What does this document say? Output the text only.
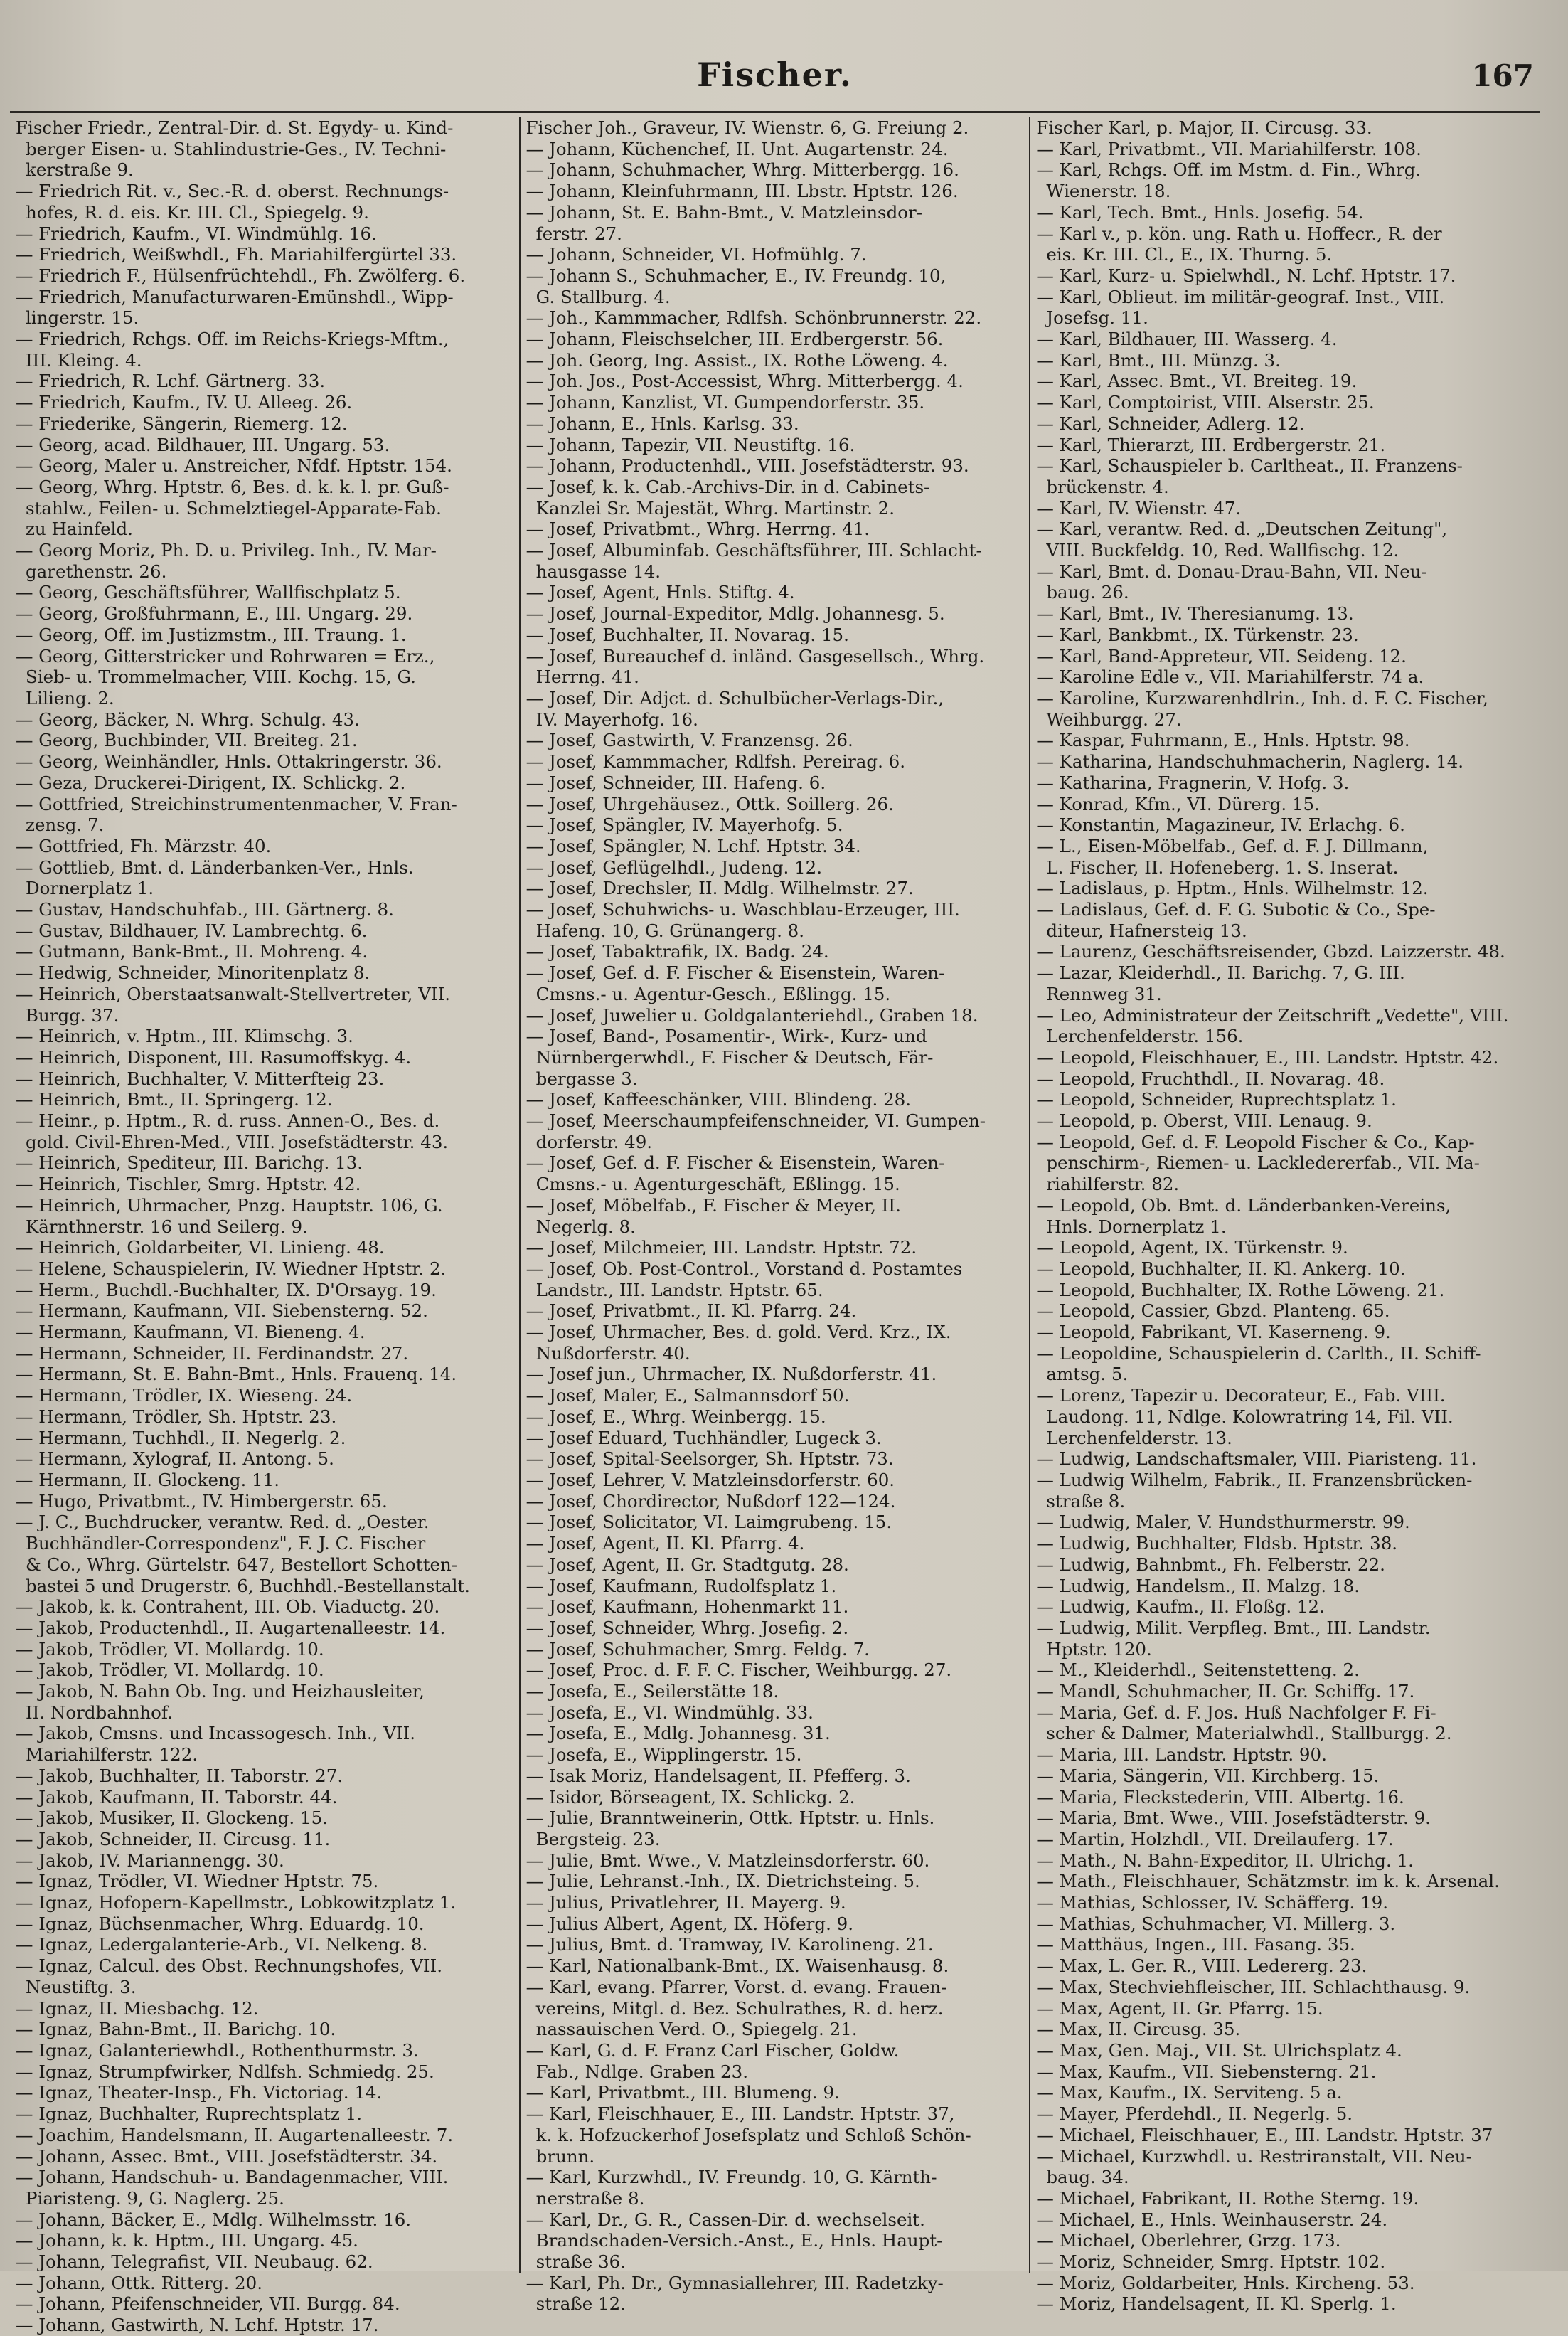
Fischer.	167
Fischer Friedr., Zentral-Dir. d. St. Egydy- u. Kind-
berger Eisen- u. Stahlindustrie-Ges., IV. Techni-
kerstraße 9.
— Friedrich Rit. v., Sec.-R. d. oberst. Rechnungs-
hofes, R. d. eis. Kr. III. Cl., Spiegelg. 9.
— Friedrich, Kaufm., VI. Windmühlg. 16.
— Friedrich, Weißwhdl., Fh. Mariahilfergürtel 33.
— Friedrich F., Hülsenfrüchtehdl., Fh. Zwölferg. 6.
— Friedrich, Manufacturwaren-Emünshdl., Wipp-
lingerstr. 15.
— Friedrich, Rchgs. Off. im Reichs-Kriegs-Mftm.,
III. Kleing. 4.
— Friedrich, R. Lchf. Gärtnerg. 33.
— Friedrich, Kaufm., IV. U. Alleeg. 26.
— Friederike, Sängerin, Riemerg. 12.
— Georg, acad. Bildhauer, III. Ungarg. 53.
— Georg, Maler u. Anstreicher, Nfdf. Hptstr. 154.
— Georg, Whrg. Hptstr. 6, Bes. d. k. k. l. pr. Guß-
stahlw., Feilen- u. Schmelztiegel-Apparate-Fab.
zu Hainfeld.
— Georg Moriz, Ph. D. u. Privileg. Inh., IV. Mar-
garethenstr. 26.
— Georg, Geschäftsführer, Wallfischplatz 5.
— Georg, Großfuhrmann, E., III. Ungarg. 29.
— Georg, Off. im Justizmstm., III. Traung. 1.
— Georg, Gitterstricker und Rohrwaren = Erz.,
Sieb- u. Trommelmacher, VIII. Kochg. 15, G.
Lilieng. 2.
— Georg, Bäcker, N. Whrg. Schulg. 43.
— Georg, Buchbinder, VII. Breiteg. 21.
— Georg, Weinhändler, Hnls. Ottakringerstr. 36.
— Geza, Druckerei-Dirigent, IX. Schlickg. 2.
— Gottfried, Streichinstrumentenmacher, V. Fran-
zensg. 7.
— Gottfried, Fh. Märzstr. 40.
— Gottlieb, Bmt. d. Länderbanken-Ver., Hnls.
Dornerplatz 1.
— Gustav, Handschuhfab., III. Gärtnerg. 8.
— Gustav, Bildhauer, IV. Lambrechtg. 6.
— Gutmann, Bank-Bmt., II. Mohreng. 4.
— Hedwig, Schneider, Minoritenplatz 8.
— Heinrich, Oberstaatsanwalt-Stellvertreter, VII.
Burgg. 37.
— Heinrich, v. Hptm., III. Klimschg. 3.
— Heinrich, Disponent, III. Rasumoffskyg. 4.
— Heinrich, Buchhalter, V. Mitterfteig 23.
— Heinrich, Bmt., II. Springerg. 12.
— Heinr., p. Hptm., R. d. russ. Annen-O., Bes. d.
gold. Civil-Ehren-Med., VIII. Josefstädterstr. 43.
— Heinrich, Spediteur, III. Barichg. 13.
— Heinrich, Tischler, Smrg. Hptstr. 42.
— Heinrich, Uhrmacher, Pnzg. Hauptstr. 106, G.
Kärnthnerstr. 16 und Seilerg. 9.
— Heinrich, Goldarbeiter, VI. Linieng. 48.
— Helene, Schauspielerin, IV. Wiedner Hptstr. 2.
— Herm., Buchdl.-Buchhalter, IX. D'Orsayg. 19.
— Hermann, Kaufmann, VII. Siebensterng. 52.
— Hermann, Kaufmann, VI. Bieneng. 4.
— Hermann, Schneider, II. Ferdinandstr. 27.
— Hermann, St. E. Bahn-Bmt., Hnls. Frauenq. 14.
— Hermann, Trödler, IX. Wieseng. 24.
— Hermann, Trödler, Sh. Hptstr. 23.
— Hermann, Tuchhdl., II. Negerlg. 2.
— Hermann, Xylograf, II. Antong. 5.
— Hermann, II. Glockeng. 11.
— Hugo, Privatbmt., IV. Himbergerstr. 65.
— J. C., Buchdrucker, verantw. Red. d. „Oester.
Buchhändler-Correspondenz", F. J. C. Fischer
& Co., Whrg. Gürtelstr. 647, Bestellort Schotten-
bastei 5 und Drugerstr. 6, Buchhdl.-Bestellanstalt.
— Jakob, k. k. Contrahent, III. Ob. Viaductg. 20.
— Jakob, Productenhdl., II. Augartenalleestr. 14.
— Jakob, Trödler, VI. Mollardg. 10.
— Jakob, Trödler, VI. Mollardg. 10.
— Jakob, N. Bahn Ob. Ing. und Heizhausleiter,
II. Nordbahnhof.
— Jakob, Cmsns. und Incassogesch. Inh., VII.
Mariahilferstr. 122.
— Jakob, Buchhalter, II. Taborstr. 27.
— Jakob, Kaufmann, II. Taborstr. 44.
— Jakob, Musiker, II. Glockeng. 15.
— Jakob, Schneider, II. Circusg. 11.
— Jakob, IV. Mariannengg. 30.
— Ignaz, Trödler, VI. Wiedner Hptstr. 75.
— Ignaz, Hofopern-Kapellmstr., Lobkowitzplatz 1.
— Ignaz, Büchsenmacher, Whrg. Eduardg. 10.
— Ignaz, Ledergalanterie-Arb., VI. Nelkeng. 8.
— Ignaz, Calcul. des Obst. Rechnungshofes, VII.
Neustiftg. 3.
— Ignaz, II. Miesbachg. 12.
— Ignaz, Bahn-Bmt., II. Barichg. 10.
— Ignaz, Galanteriewhdl., Rothenthurmstr. 3.
— Ignaz, Strumpfwirker, Ndlfsh. Schmiedg. 25.
— Ignaz, Theater-Insp., Fh. Victoriag. 14.
— Ignaz, Buchhalter, Ruprechtsplatz 1.
— Joachim, Handelsmann, II. Augartenalleestr. 7.
— Johann, Assec. Bmt., VIII. Josefstädterstr. 34.
— Johann, Handschuh- u. Bandagenmacher, VIII.
Piaristeng. 9, G. Naglerg. 25.
— Johann, Bäcker, E., Mdlg. Wilhelmsstr. 16.
— Johann, k. k. Hptm., III. Ungarg. 45.
— Johann, Telegrafist, VII. Neubaug. 62.
— Johann, Ottk. Ritterg. 20.
— Johann, Pfeifenschneider, VII. Burgg. 84.
— Johann, Gastwirth, N. Lchf. Hptstr. 17.
Fischer Joh., Graveur, IV. Wienstr. 6, G. Freiung 2.
— Johann, Küchenchef, II. Unt. Augartenstr. 24.
— Johann, Schuhmacher, Whrg. Mitterbergg. 16.
— Johann, Kleinfuhrmann, III. Lbstr. Hptstr. 126.
— Johann, St. E. Bahn-Bmt., V. Matzleinsdor-
ferstr. 27.
— Johann, Schneider, VI. Hofmühlg. 7.
— Johann S., Schuhmacher, E., IV. Freundg. 10,
G. Stallburg. 4.
— Joh., Kammmacher, Rdlfsh. Schönbrunnerstr. 22.
— Johann, Fleischselcher, III. Erdbergerstr. 56.
— Joh. Georg, Ing. Assist., IX. Rothe Löweng. 4.
— Joh. Jos., Post-Accessist, Whrg. Mitterbergg. 4.
— Johann, Kanzlist, VI. Gumpendorferstr. 35.
— Johann, E., Hnls. Karlsg. 33.
— Johann, Tapezir, VII. Neustiftg. 16.
— Johann, Productenhdl., VIII. Josefstädterstr. 93.
— Josef, k. k. Cab.-Archivs-Dir. in d. Cabinets-
Kanzlei Sr. Majestät, Whrg. Martinstr. 2.
— Josef, Privatbmt., Whrg. Herrng. 41.
— Josef, Albuminfab. Geschäftsführer, III. Schlacht-
hausgasse 14.
— Josef, Agent, Hnls. Stiftg. 4.
— Josef, Journal-Expeditor, Mdlg. Johannesg. 5.
— Josef, Buchhalter, II. Novarag. 15.
— Josef, Bureauchef d. inländ. Gasgesellsch., Whrg.
Herrng. 41.
— Josef, Dir. Adjct. d. Schulbücher-Verlags-Dir.,
IV. Mayerhofg. 16.
— Josef, Gastwirth, V. Franzensg. 26.
— Josef, Kammmacher, Rdlfsh. Pereirag. 6.
— Josef, Schneider, III. Hafeng. 6.
— Josef, Uhrgehäusez., Ottk. Soillerg. 26.
— Josef, Spängler, IV. Mayerhofg. 5.
— Josef, Spängler, N. Lchf. Hptstr. 34.
— Josef, Geflügelhdl., Judeng. 12.
— Josef, Drechsler, II. Mdlg. Wilhelmstr. 27.
— Josef, Schuhwichs- u. Waschblau-Erzeuger, III.
Hafeng. 10, G. Grünangerg. 8.
— Josef, Tabaktrafik, IX. Badg. 24.
— Josef, Gef. d. F. Fischer & Eisenstein, Waren-
Cmsns.- u. Agentur-Gesch., Eßlingg. 15.
— Josef, Juwelier u. Goldgalanteriehdl., Graben 18.
— Josef, Band-, Posamentir-, Wirk-, Kurz- und
Nürnbergerwhdl., F. Fischer & Deutsch, Fär-
bergasse 3.
— Josef, Kaffeeschänker, VIII. Blindeng. 28.
— Josef, Meerschaumpfeifenschneider, VI. Gumpen-
dorferstr. 49.
— Josef, Gef. d. F. Fischer & Eisenstein, Waren-
Cmsns.- u. Agenturgeschäft, Eßlingg. 15.
— Josef, Möbelfab., F. Fischer & Meyer, II.
Negerlg. 8.
— Josef, Milchmeier, III. Landstr. Hptstr. 72.
— Josef, Ob. Post-Control., Vorstand d. Postamtes
Landstr., III. Landstr. Hptstr. 65.
— Josef, Privatbmt., II. Kl. Pfarrg. 24.
— Josef, Uhrmacher, Bes. d. gold. Verd. Krz., IX.
Nußdorferstr. 40.
— Josef jun., Uhrmacher, IX. Nußdorferstr. 41.
— Josef, Maler, E., Salmannsdorf 50.
— Josef, E., Whrg. Weinbergg. 15.
— Josef Eduard, Tuchhändler, Lugeck 3.
— Josef, Spital-Seelsorger, Sh. Hptstr. 73.
— Josef, Lehrer, V. Matzleinsdorferstr. 60.
— Josef, Chordirector, Nußdorf 122—124.
— Josef, Solicitator, VI. Laimgrubeng. 15.
— Josef, Agent, II. Kl. Pfarrg. 4.
— Josef, Agent, II. Gr. Stadtgutg. 28.
— Josef, Kaufmann, Rudolfsplatz 1.
— Josef, Kaufmann, Hohenmarkt 11.
— Josef, Schneider, Whrg. Josefig. 2.
— Josef, Schuhmacher, Smrg. Feldg. 7.
— Josef, Proc. d. F. F. C. Fischer, Weihburgg. 27.
— Josefa, E., Seilerstätte 18.
— Josefa, E., VI. Windmühlg. 33.
— Josefa, E., Mdlg. Johannesg. 31.
— Josefa, E., Wipplingerstr. 15.
— Isak Moriz, Handelsagent, II. Pfefferg. 3.
— Isidor, Börseagent, IX. Schlickg. 2.
— Julie, Branntweinerin, Ottk. Hptstr. u. Hnls.
Bergsteig. 23.
— Julie, Bmt. Wwe., V. Matzleinsdorferstr. 60.
— Julie, Lehranst.-Inh., IX. Dietrichsteing. 5.
— Julius, Privatlehrer, II. Mayerg. 9.
— Julius Albert, Agent, IX. Höferg. 9.
— Julius, Bmt. d. Tramway, IV. Karolineng. 21.
— Karl, Nationalbank-Bmt., IX. Waisenhausg. 8.
— Karl, evang. Pfarrer, Vorst. d. evang. Frauen-
vereins, Mitgl. d. Bez. Schulrathes, R. d. herz.
nassauischen Verd. O., Spiegelg. 21.
— Karl, G. d. F. Franz Carl Fischer, Goldw.
Fab., Ndlge. Graben 23.
— Karl, Privatbmt., III. Blumeng. 9.
— Karl, Fleischhauer, E., III. Landstr. Hptstr. 37,
k. k. Hofzuckerhof Josefsplatz und Schloß Schön-
brunn.
— Karl, Kurzwhdl., IV. Freundg. 10, G. Kärnth-
nerstraße 8.
— Karl, Dr., G. R., Cassen-Dir. d. wechselseit.
Brandschaden-Versich.-Anst., E., Hnls. Haupt-
straße 36.
— Karl, Ph. Dr., Gymnasiallehrer, III. Radetzky-
straße 12.
Fischer Karl, p. Major, II. Circusg. 33.
— Karl, Privatbmt., VII. Mariahilferstr. 108.
— Karl, Rchgs. Off. im Mstm. d. Fin., Whrg.
Wienerstr. 18.
— Karl, Tech. Bmt., Hnls. Josefig. 54.
— Karl v., p. kön. ung. Rath u. Hoffecr., R. der
eis. Kr. III. Cl., E., IX. Thurng. 5.
— Karl, Kurz- u. Spielwhdl., N. Lchf. Hptstr. 17.
— Karl, Oblieut. im militär-geograf. Inst., VIII.
Josefsg. 11.
— Karl, Bildhauer, III. Wasserg. 4.
— Karl, Bmt., III. Münzg. 3.
— Karl, Assec. Bmt., VI. Breiteg. 19.
— Karl, Comptoirist, VIII. Alserstr. 25.
— Karl, Schneider, Adlerg. 12.
— Karl, Thierarzt, III. Erdbergerstr. 21.
— Karl, Schauspieler b. Carltheat., II. Franzens-
brückenstr. 4.
— Karl, IV. Wienstr. 47.
— Karl, verantw. Red. d. „Deutschen Zeitung",
VIII. Buckfeldg. 10, Red. Wallfischg. 12.
— Karl, Bmt. d. Donau-Drau-Bahn, VII. Neu-
baug. 26.
— Karl, Bmt., IV. Theresianumg. 13.
— Karl, Bankbmt., IX. Türkenstr. 23.
— Karl, Band-Appreteur, VII. Seideng. 12.
— Karoline Edle v., VII. Mariahilferstr. 74 a.
— Karoline, Kurzwarenhdlrin., Inh. d. F. C. Fischer,
Weihburgg. 27.
— Kaspar, Fuhrmann, E., Hnls. Hptstr. 98.
— Katharina, Handschuhmacherin, Naglerg. 14.
— Katharina, Fragnerin, V. Hofg. 3.
— Konrad, Kfm., VI. Dürerg. 15.
— Konstantin, Magazineur, IV. Erlachg. 6.
— L., Eisen-Möbelfab., Gef. d. F. J. Dillmann,
L. Fischer, II. Hofeneberg. 1. S. Inserat.
— Ladislaus, p. Hptm., Hnls. Wilhelmstr. 12.
— Ladislaus, Gef. d. F. G. Subotic & Co., Spe-
diteur, Hafnersteig 13.
— Laurenz, Geschäftsreisender, Gbzd. Laizzerstr. 48.
— Lazar, Kleiderhdl., II. Barichg. 7, G. III.
Rennweg 31.
— Leo, Administrateur der Zeitschrift „Vedette", VIII.
Lerchenfelderstr. 156.
— Leopold, Fleischhauer, E., III. Landstr. Hptstr. 42.
— Leopold, Fruchthdl., II. Novarag. 48.
— Leopold, Schneider, Ruprechtsplatz 1.
— Leopold, p. Oberst, VIII. Lenaug. 9.
— Leopold, Gef. d. F. Leopold Fischer & Co., Kap-
penschirm-, Riemen- u. Lackledererfab., VII. Ma-
riahilferstr. 82.
— Leopold, Ob. Bmt. d. Länderbanken-Vereins,
Hnls. Dornerplatz 1.
— Leopold, Agent, IX. Türkenstr. 9.
— Leopold, Buchhalter, II. Kl. Ankerg. 10.
— Leopold, Buchhalter, IX. Rothe Löweng. 21.
— Leopold, Cassier, Gbzd. Planteng. 65.
— Leopold, Fabrikant, VI. Kaserneng. 9.
— Leopoldine, Schauspielerin d. Carlth., II. Schiff-
amtsg. 5.
— Lorenz, Tapezir u. Decorateur, E., Fab. VIII.
Laudong. 11, Ndlge. Kolowratring 14, Fil. VII.
Lerchenfelderstr. 13.
— Ludwig, Landschaftsmaler, VIII. Piaristeng. 11.
— Ludwig Wilhelm, Fabrik., II. Franzensbrücken-
straße 8.
— Ludwig, Maler, V. Hundsthurmerstr. 99.
— Ludwig, Buchhalter, Fldsb. Hptstr. 38.
— Ludwig, Bahnbmt., Fh. Felberstr. 22.
— Ludwig, Handelsm., II. Malzg. 18.
— Ludwig, Kaufm., II. Floßg. 12.
— Ludwig, Milit. Verpfleg. Bmt., III. Landstr.
Hptstr. 120.
— M., Kleiderhdl., Seitenstetteng. 2.
— Mandl, Schuhmacher, II. Gr. Schiffg. 17.
— Maria, Gef. d. F. Jos. Huß Nachfolger F. Fi-
scher & Dalmer, Materialwhdl., Stallburgg. 2.
— Maria, III. Landstr. Hptstr. 90.
— Maria, Sängerin, VII. Kirchberg. 15.
— Maria, Fleckstederin, VIII. Albertg. 16.
— Maria, Bmt. Wwe., VIII. Josefstädterstr. 9.
— Martin, Holzhdl., VII. Dreilauferg. 17.
— Math., N. Bahn-Expeditor, II. Ulrichg. 1.
— Math., Fleischhauer, Schätzmstr. im k. k. Arsenal.
— Mathias, Schlosser, IV. Schäfferg. 19.
— Mathias, Schuhmacher, VI. Millerg. 3.
— Matthäus, Ingen., III. Fasang. 35.
— Max, L. Ger. R., VIII. Ledererg. 23.
— Max, Stechviehfleischer, III. Schlachthausg. 9.
— Max, Agent, II. Gr. Pfarrg. 15.
— Max, II. Circusg. 35.
— Max, Gen. Maj., VII. St. Ulrichsplatz 4.
— Max, Kaufm., VII. Siebensterng. 21.
— Max, Kaufm., IX. Serviteng. 5 a.
— Mayer, Pferdehdl., II. Negerlg. 5.
— Michael, Fleischhauer, E., III. Landstr. Hptstr. 37
— Michael, Kurzwhdl. u. Restriranstalt, VII. Neu-
baug. 34.
— Michael, Fabrikant, II. Rothe Sterng. 19.
— Michael, E., Hnls. Weinhauserstr. 24.
— Michael, Oberlehrer, Grzg. 173.
— Moriz, Schneider, Smrg. Hptstr. 102.
— Moriz, Goldarbeiter, Hnls. Kircheng. 53.
— Moriz, Handelsagent, II. Kl. Sperlg. 1.
